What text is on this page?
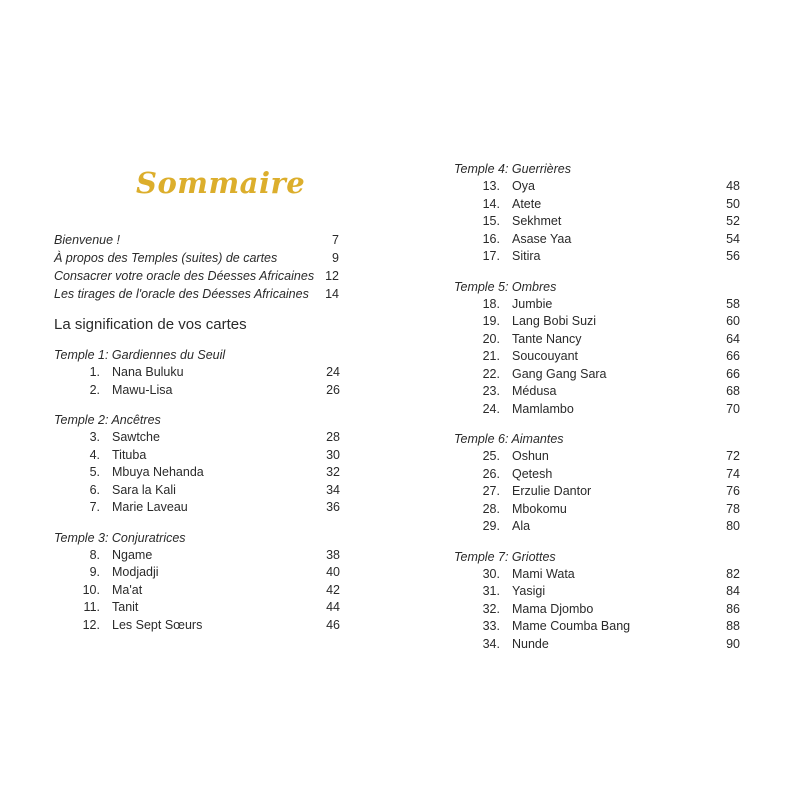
Sommaire
Bienvenue !	7
À propos des Temples (suites) de cartes	9
Consacrer votre oracle des Déesses Africaines 12
Les tirages de l'oracle des Déesses Africaines 14
La signification de vos cartes
Temple 1: Gardiennes du Seuil
1. Nana Buluku	24
2. Mawu-Lisa	26
Temple 2: Ancêtres
3. Sawtche	28
4. Tituba	30
5. Mbuya Nehanda	32
6. Sara la Kali	34
7. Marie Laveau	36
Temple 3: Conjuratrices
8. Ngame	38
9. Modjadji	40
10. Ma'at	42
11. Tanit	44
12. Les Sept Sœurs	46
Temple 4: Guerrières
13. Oya	48
14. Atete	50
15. Sekhmet	52
16. Asase Yaa	54
17. Sitira	56
Temple 5: Ombres
18. Jumbie	58
19. Lang Bobi Suzi	60
20. Tante Nancy	64
21. Soucouyant	66
22. Gang Gang Sara	66
23. Médusa	68
24. Mamlambo	70
Temple 6: Aimantes
25. Oshun	72
26. Qetesh	74
27. Erzulie Dantor	76
28. Mbokomu	78
29. Ala	80
Temple 7: Griottes
30. Mami Wata	82
31. Yasigi	84
32. Mama Djombo	86
33. Mame Coumba Bang	88
34. Nunde	90
